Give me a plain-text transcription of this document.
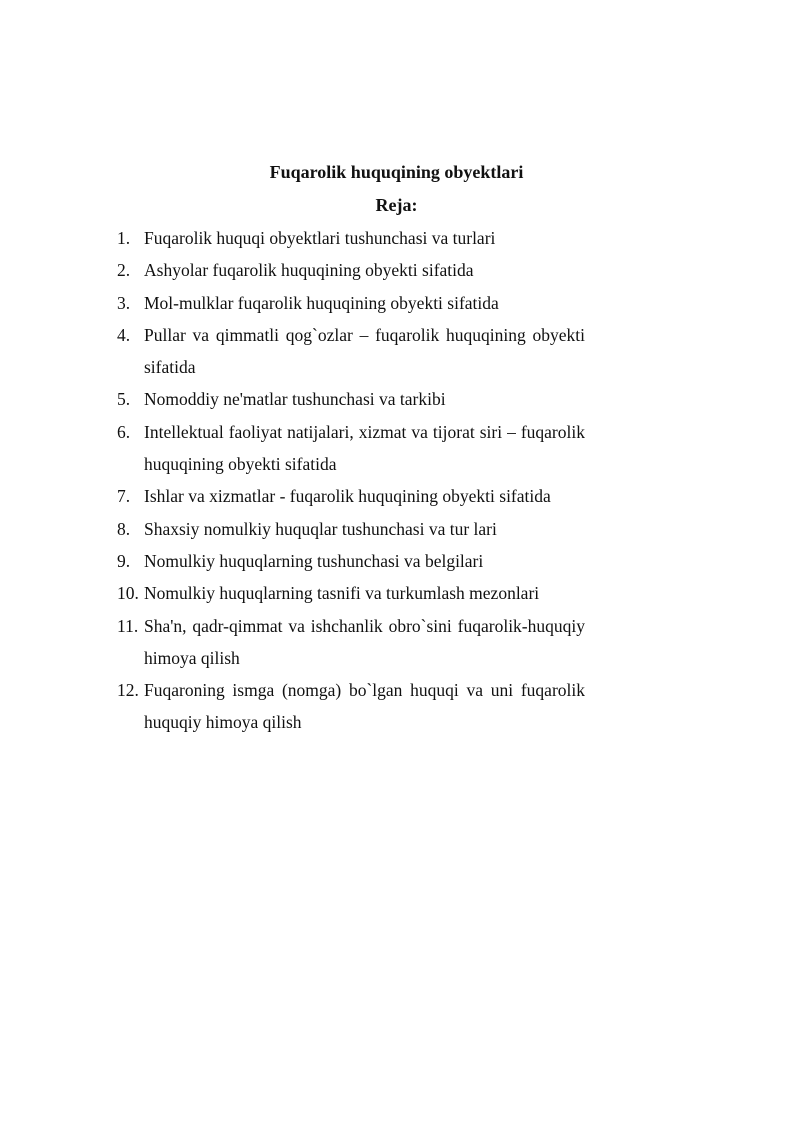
Fuqarolik huquqining obyektlari
Reja:
1. Fuqarolik huquqi obyektlari tushunchasi va turlari
2. Ashyolar fuqarolik huquqining obyekti sifatida
3. Mol-mulklar fuqarolik huquqining obyekti sifatida
4. Pullar va qimmatli qog`ozlar – fuqarolik huquqining obyekti sifatida
5. Nomoddiy ne'matlar tushunchasi va tarkibi
6. Intellektual faoliyat natijalari, xizmat va tijorat siri – fuqarolik huquqining obyekti sifatida
7. Ishlar va xizmatlar - fuqarolik huquqining obyekti sifatida
8. Shaxsiy nomulkiy huquqlar tushunchasi va tur lari
9. Nomulkiy huquqlarning tushunchasi va belgilari
10. Nomulkiy huquqlarning tasnifi va turkumlash mezonlari
11. Sha'n, qadr-qimmat va ishchanlik obro`sini fuqarolik-huquqiy himoya qilish
12. Fuqaroning ismga (nomga) bo`lgan huquqi va uni fuqarolik huquqiy himoya qilish
